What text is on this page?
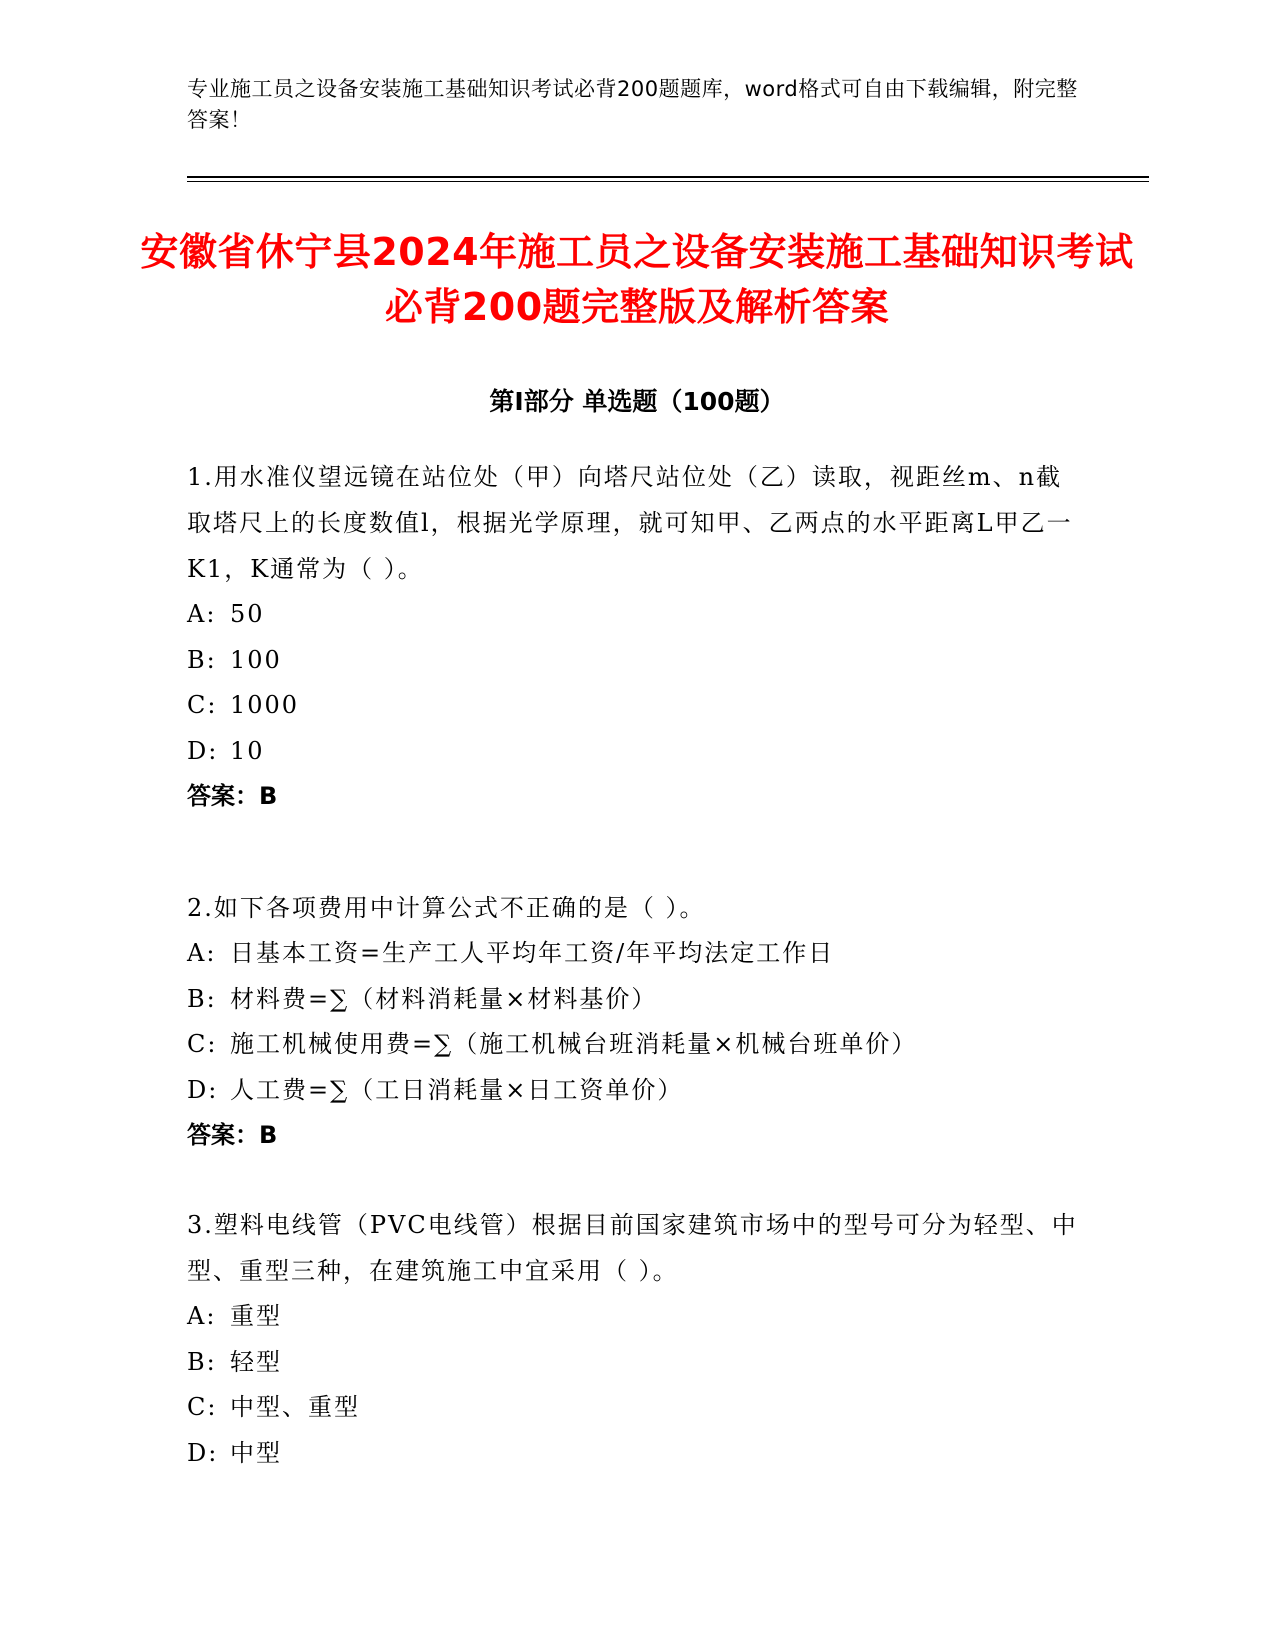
专业施工员之设备安装施工基础知识考试必背200题题库，word格式可自由下载编辑，附完整答案！
安徽省休宁县2024年施工员之设备安装施工基础知识考试必背200题完整版及解析答案
第I部分 单选题（100题）
1.用水准仪望远镜在站位处（甲）向塔尺站位处（乙）读取，视距丝m、n截取塔尺上的长度数值l，根据光学原理，就可知甲、乙两点的水平距离L甲乙一K1，K通常为（ ）。
A: 50
B: 100
C: 1000
D: 10
答案：B
2.如下各项费用中计算公式不正确的是（ ）。
A: 日基本工资=生产工人平均年工资/年平均法定工作日
B: 材料费=∑（材料消耗量×材料基价）
C: 施工机械使用费=∑（施工机械台班消耗量×机械台班单价）
D: 人工费=∑（工日消耗量×日工资单价）
答案：B
3.塑料电线管（PVC电线管）根据目前国家建筑市场中的型号可分为轻型、中型、重型三种，在建筑施工中宜采用（ ）。
A: 重型
B: 轻型
C: 中型、重型
D: 中型
